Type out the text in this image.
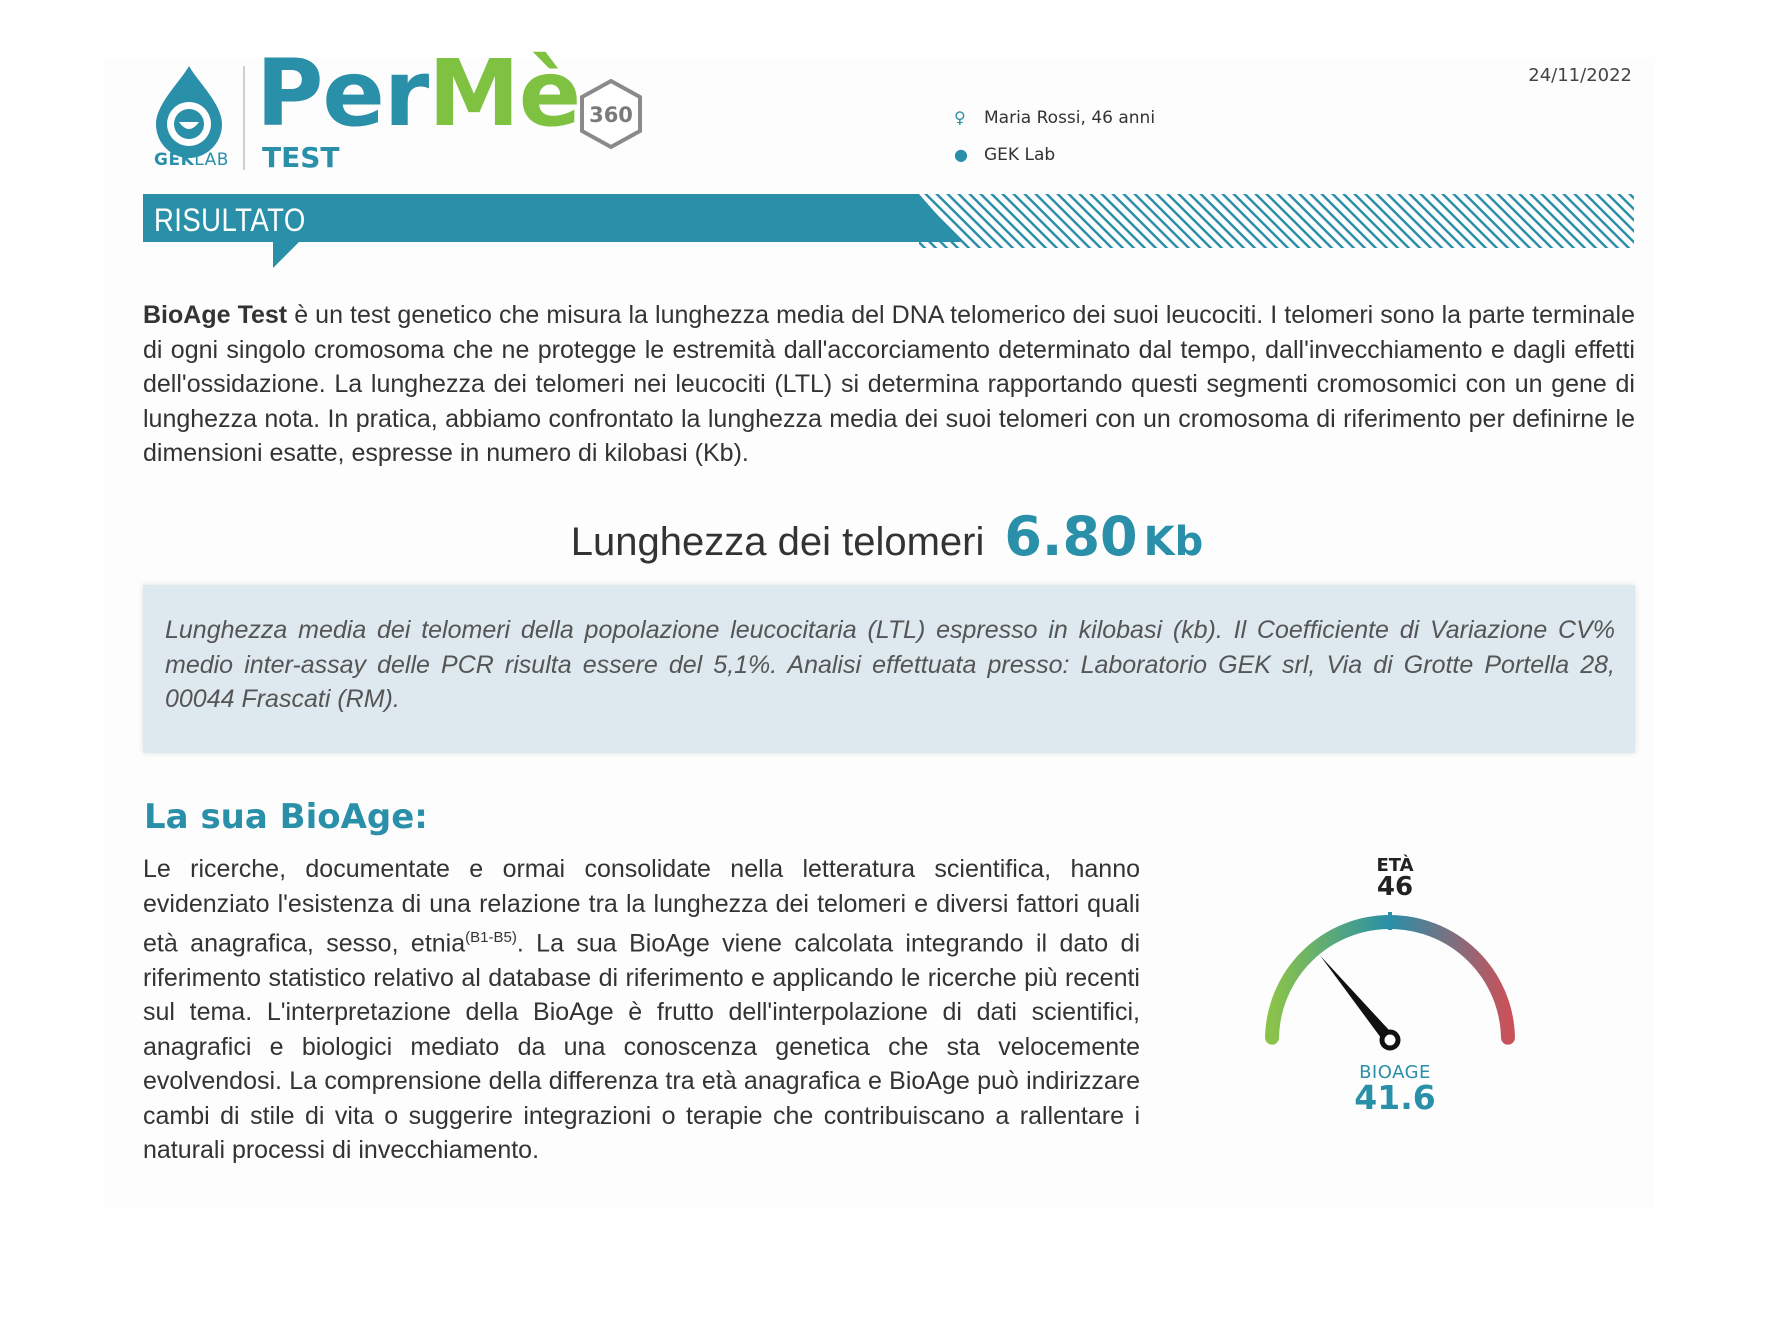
GEKLAB
PerMè
TEST
360
24/11/2022
♀ Maria Rossi, 46 anni
● GEK Lab
RISULTATO
BioAge Test è un test genetico che misura la lunghezza media del DNA telomerico dei suoi leucociti. I telomeri sono la parte terminale di ogni singolo cromosoma che ne protegge le estremità dall'accorciamento determinato dal tempo, dall'invecchiamento e dagli effetti dell'ossidazione. La lunghezza dei telomeri nei leucociti (LTL) si determina rapportando questi segmenti cromosomici con un gene di lunghezza nota. In pratica, abbiamo confrontato la lunghezza media dei suoi telomeri con un cromosoma di riferimento per definirne le dimensioni esatte, espresse in numero di kilobasi (Kb).
Lunghezza dei telomeri 6.80 Kb
Lunghezza media dei telomeri della popolazione leucocitaria (LTL) espresso in kilobasi (kb). Il Coefficiente di Variazione CV% medio inter-assay delle PCR risulta essere del 5,1%. Analisi effettuata presso: Laboratorio GEK srl, Via di Grotte Portella 28, 00044 Frascati (RM).
La sua BioAge:
Le ricerche, documentate e ormai consolidate nella letteratura scientifica, hanno evidenziato l'esistenza di una relazione tra la lunghezza dei telomeri e diversi fattori quali età anagrafica, sesso, etnia$^{(B1-B5)}$. La sua BioAge viene calcolata integrando il dato di riferimento statistico relativo al database di riferimento e applicando le ricerche più recenti sul tema. L'interpretazione della BioAge è frutto dell'interpolazione di dati scientifici, anagrafici e biologici mediato da una conoscenza genetica che sta velocemente evolvendosi. La comprensione della differenza tra età anagrafica e BioAge può indirizzare cambi di stile di vita o suggerire integrazioni o terapie che contribuiscano a rallentare i naturali processi di invecchiamento.
ETÀ
46
BIOAGE
41.6
